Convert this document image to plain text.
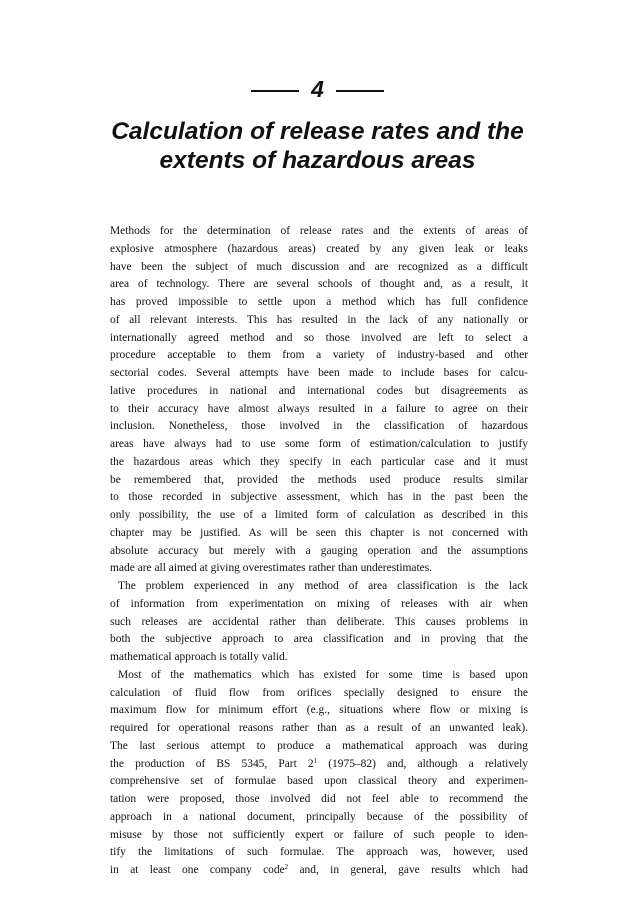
4
Calculation of release rates and the
extents of hazardous areas
Methods for the determination of release rates and the extents of areas of
explosive atmosphere (hazardous areas) created by any given leak or leaks
have been the subject of much discussion and are recognized as a difficult
area of technology. There are several schools of thought and, as a result, it
has proved impossible to settle upon a method which has full confidence
of all relevant interests. This has resulted in the lack of any nationally or
internationally agreed method and so those involved are left to select a
procedure acceptable to them from a variety of industry-based and other
sectorial codes. Several attempts have been made to include bases for calcu-
lative procedures in national and international codes but disagreements as
to their accuracy have almost always resulted in a failure to agree on their
inclusion. Nonetheless, those involved in the classification of hazardous
areas have always had to use some form of estimation/calculation to justify
the hazardous areas which they specify in each particular case and it must
be remembered that, provided the methods used produce results similar
to those recorded in subjective assessment, which has in the past been the
only possibility, the use of a limited form of calculation as described in this
chapter may be justified. As will be seen this chapter is not concerned with
absolute accuracy but merely with a gauging operation and the assumptions
made are all aimed at giving overestimates rather than underestimates.
The problem experienced in any method of area classification is the lack
of information from experimentation on mixing of releases with air when
such releases are accidental rather than deliberate. This causes problems in
both the subjective approach to area classification and in proving that the
mathematical approach is totally valid.
Most of the mathematics which has existed for some time is based upon
calculation of fluid flow from orifices specially designed to ensure the
maximum flow for minimum effort (e.g., situations where flow or mixing is
required for operational reasons rather than as a result of an unwanted leak).
The last serious attempt to produce a mathematical approach was during
the production of BS 5345, Part $2^1$ (1975–82) and, although a relatively
comprehensive set of formulae based upon classical theory and experimen-
tation were proposed, those involved did not feel able to recommend the
approach in a national document, principally because of the possibility of
misuse by those not sufficiently expert or failure of such people to iden-
tify the limitations of such formulae. The approach was, however, used
in at least one company code$^2$ and, in general, gave results which had
